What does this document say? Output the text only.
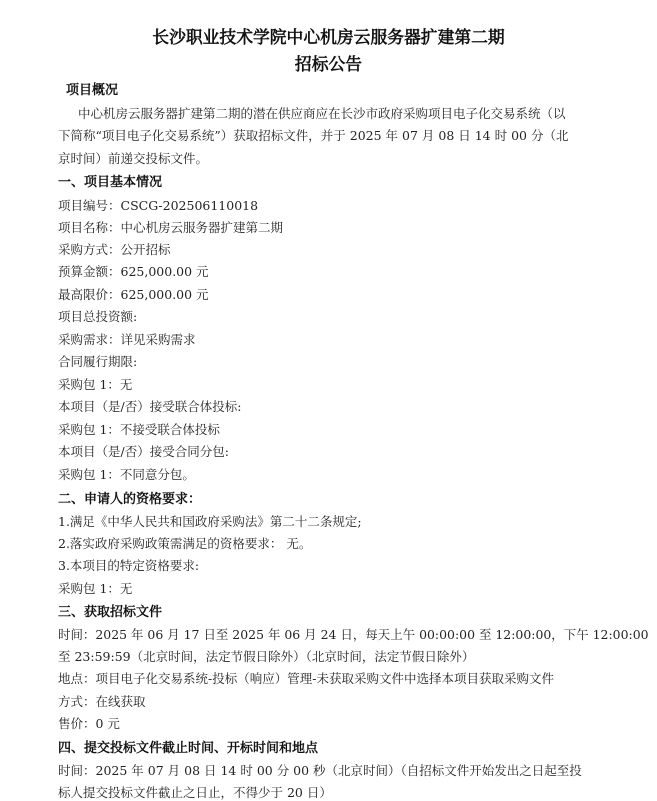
长沙职业技术学院中心机房云服务器扩建第二期
招标公告
项目概况
中心机房云服务器扩建第二期的潜在供应商应在长沙市政府采购项目电子化交易系统（以
下简称“项目电子化交易系统”）获取招标文件，并于 2025 年 07 月 08 日 14 时 00 分（北
京时间）前递交投标文件。
一、项目基本情况
项目编号：CSCG-202506110018
项目名称：中心机房云服务器扩建第二期
采购方式：公开招标
预算金额：625,000.00 元
最高限价：625,000.00 元
项目总投资额:
采购需求：详见采购需求
合同履行期限:
采购包 1：无
本项目（是/否）接受联合体投标:
采购包 1：不接受联合体投标
本项目（是/否）接受合同分包:
采购包 1：不同意分包。
二、申请人的资格要求：
1.满足《中华人民共和国政府采购法》第二十二条规定;
2.落实政府采购政策需满足的资格要求： 无。
3.本项目的特定资格要求:
采购包 1：无
三、获取招标文件
时间：2025 年 06 月 17 日至 2025 年 06 月 24 日，每天上午 00:00:00 至 12:00:00，下午 12:00:00
至 23:59:59（北京时间，法定节假日除外）（北京时间，法定节假日除外）
地点：项目电子化交易系统-投标（响应）管理-未获取采购文件中选择本项目获取采购文件
方式：在线获取
售价：0 元
四、提交投标文件截止时间、开标时间和地点
时间：2025 年 07 月 08 日 14 时 00 分 00 秒（北京时间）（自招标文件开始发出之日起至投
标人提交投标文件截止之日止，不得少于 20 日）
